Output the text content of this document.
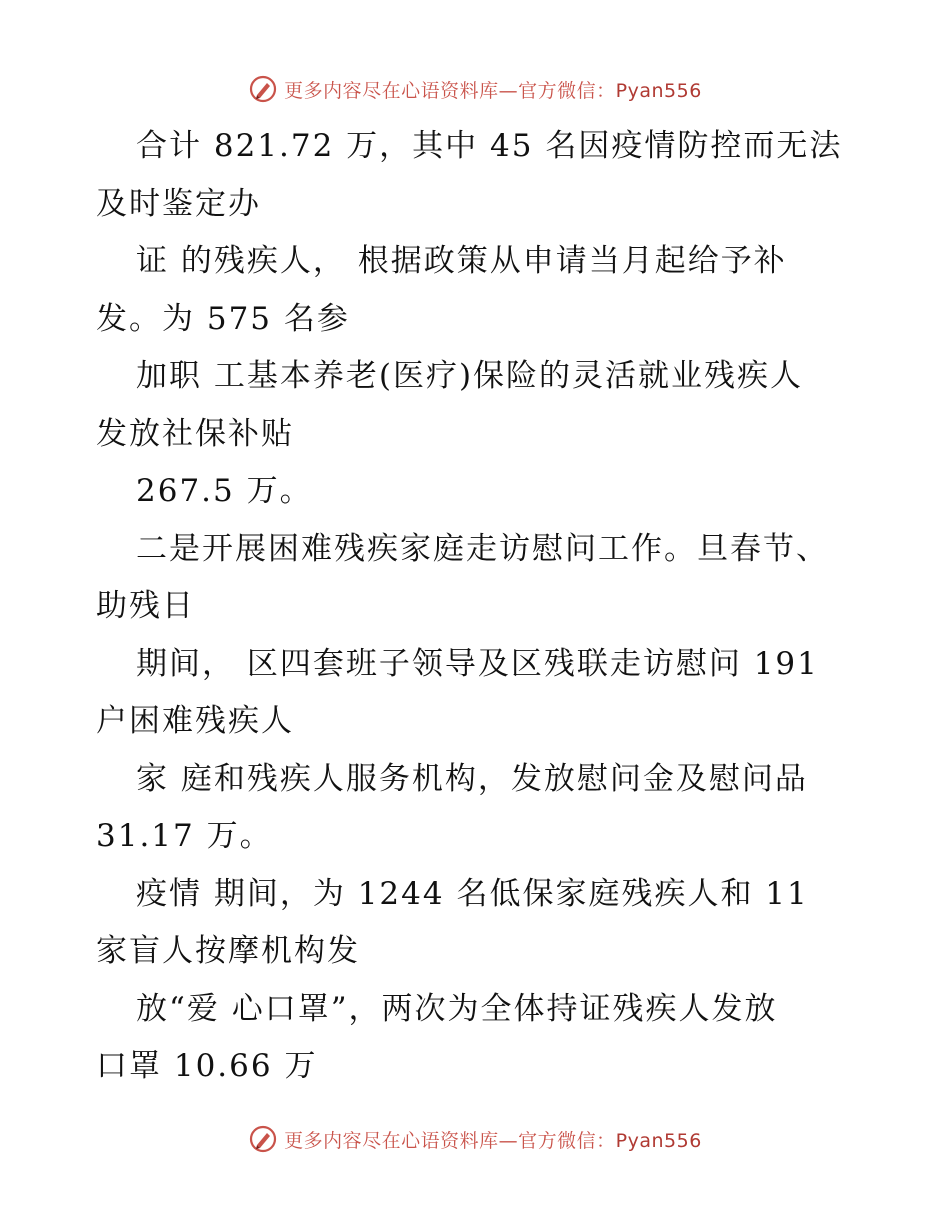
更多内容尽在心语资料库—官方微信：Pyan556
合计 821.72 万，其中 45 名因疫情防控而无法
及时鉴定办
证 的残疾人， 根据政策从申请当月起给予补
发。为 575 名参
加职 工基本养老(医疗)保险的灵活就业残疾人
发放社保补贴
267.5 万。
二是开展困难残疾家庭走访慰问工作。旦春节、
助残日
期间， 区四套班子领导及区残联走访慰问 191
户困难残疾人
家 庭和残疾人服务机构，发放慰问金及慰问品
31.17 万。
疫情 期间，为 1244 名低保家庭残疾人和 11
家盲人按摩机构发
放“爱 心口罩”，两次为全体持证残疾人发放
口罩 10.66 万
更多内容尽在心语资料库—官方微信：Pyan556
